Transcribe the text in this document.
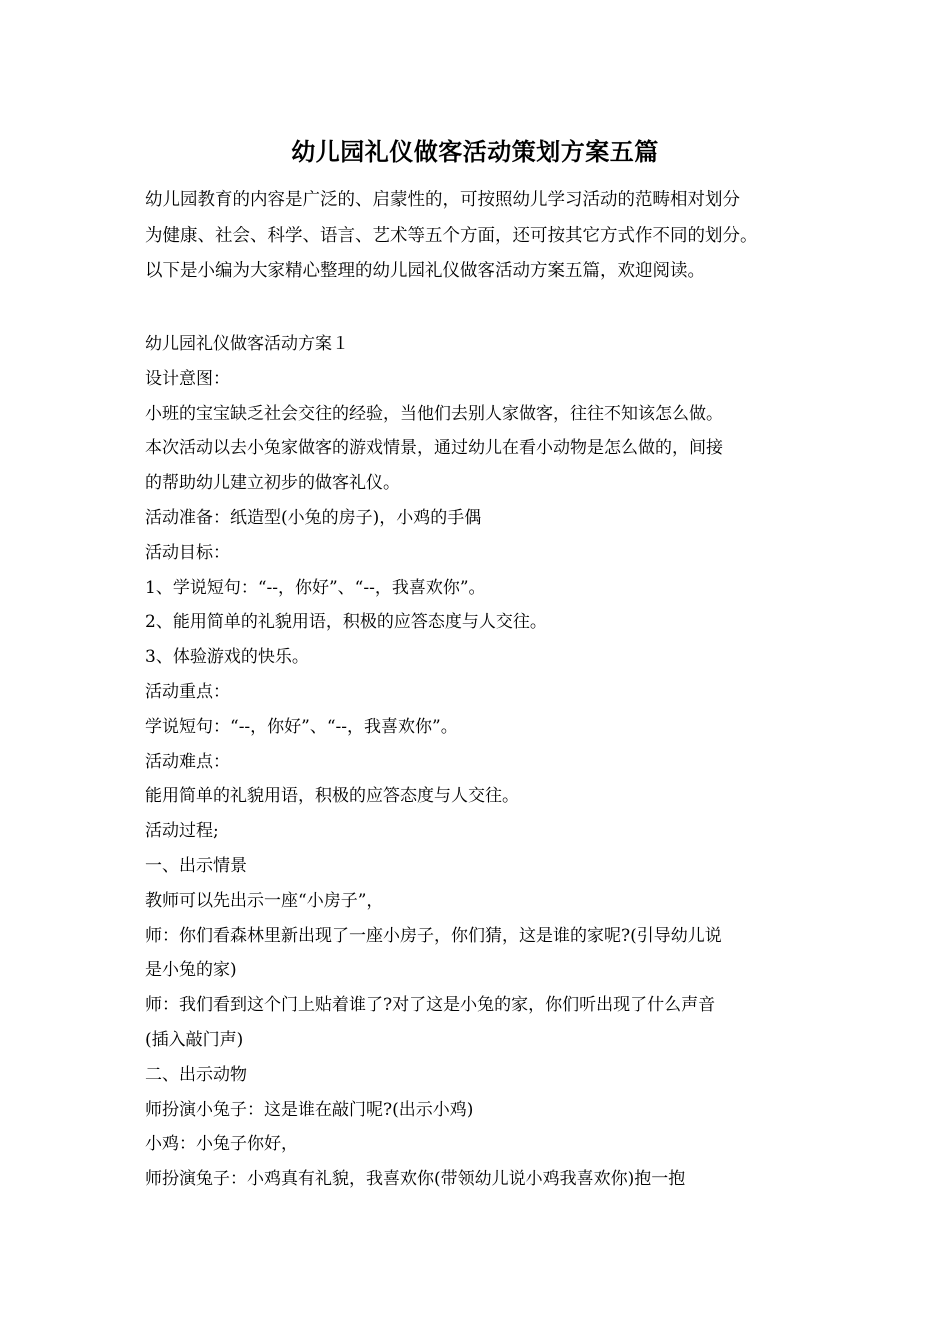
幼儿园礼仪做客活动策划方案五篇

幼儿园教育的内容是广泛的、启蒙性的，可按照幼儿学习活动的范畴相对划分

为健康、社会、科学、语言、艺术等五个方面，还可按其它方式作不同的划分。

以下是小编为大家精心整理的幼儿园礼仪做客活动方案五篇，欢迎阅读。

幼儿园礼仪做客活动方案１

设计意图：

小班的宝宝缺乏社会交往的经验，当他们去别人家做客，往往不知该怎么做。

本次活动以去小兔家做客的游戏情景，通过幼儿在看小动物是怎么做的，间接

的帮助幼儿建立初步的做客礼仪。

活动准备：纸造型(小兔的房子)，小鸡的手偶

活动目标：

1、学说短句：“--，你好”、“--，我喜欢你”。

2、能用简单的礼貌用语，积极的应答态度与人交往。

3、体验游戏的快乐。

活动重点：

学说短句：“--，你好”、“--，我喜欢你”。

活动难点：

能用简单的礼貌用语，积极的应答态度与人交往。

活动过程;

一、出示情景

教师可以先出示一座“小房子”，

师：你们看森林里新出现了一座小房子，你们猜，这是谁的家呢?(引导幼儿说

是小兔的家)

师：我们看到这个门上贴着谁了?对了这是小兔的家，你们听出现了什么声音

(插入敲门声)

二、出示动物

师扮演小兔子：这是谁在敲门呢?(出示小鸡)

小鸡：小兔子你好，

师扮演兔子：小鸡真有礼貌，我喜欢你(带领幼儿说小鸡我喜欢你)抱一抱
